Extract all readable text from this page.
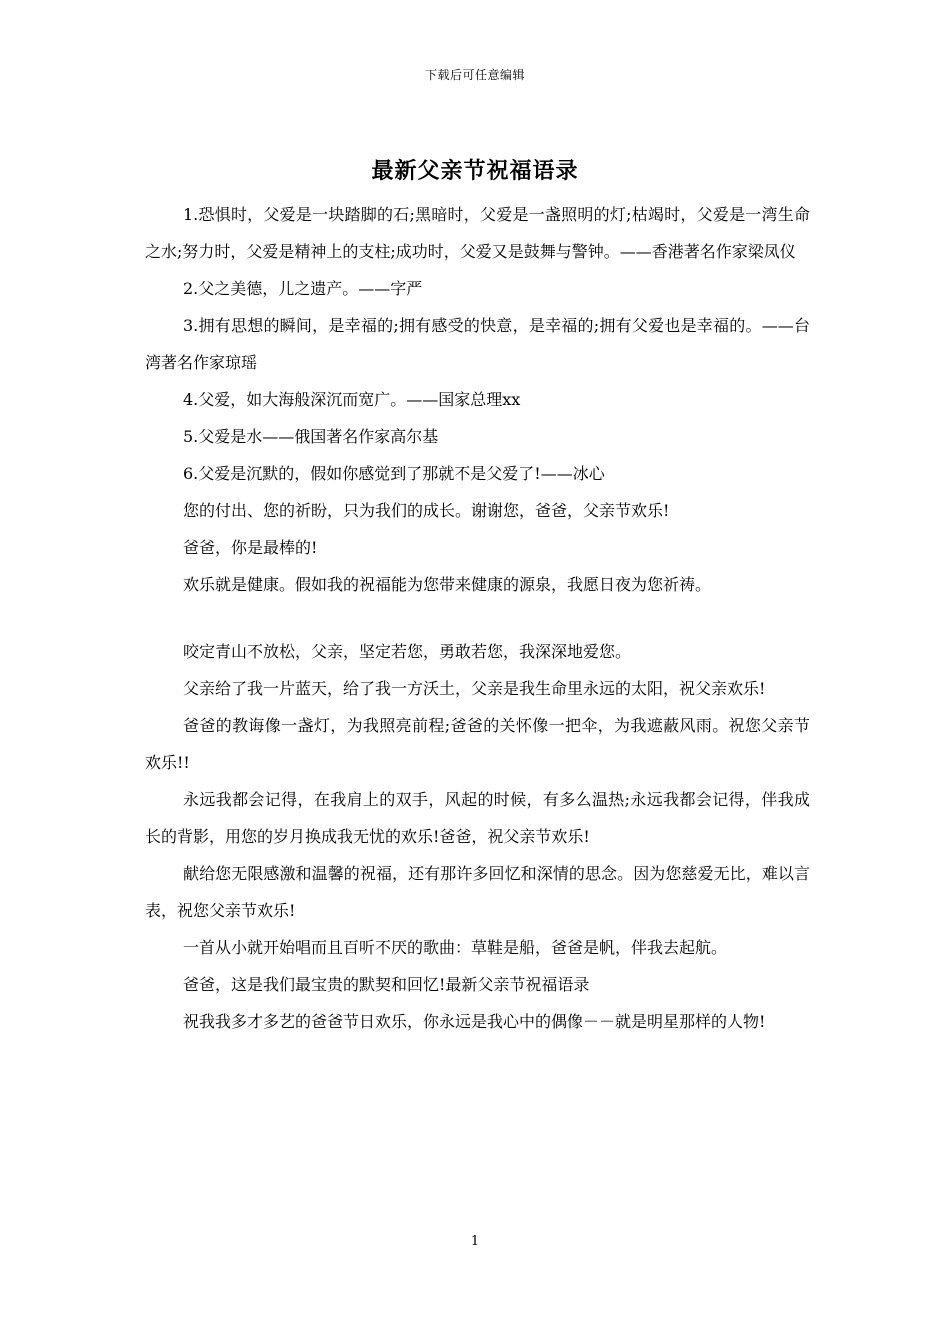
下载后可任意编辑
最新父亲节祝福语录

1.恐惧时，父爱是一块踏脚的石;黑暗时，父爱是一盏照明的灯;枯竭时，父爱是一湾生命之水;努力时，父爱是精神上的支柱;成功时，父爱又是鼓舞与警钟。——香港著名作家梁凤仪

2.父之美德，儿之遗产。——字严

3.拥有思想的瞬间，是幸福的;拥有感受的快意，是幸福的;拥有父爱也是幸福的。——台湾著名作家琼瑶

4.父爱，如大海般深沉而宽广。——国家总理xx

5.父爱是水——俄国著名作家高尔基

6.父爱是沉默的，假如你感觉到了那就不是父爱了!——冰心

您的付出、您的祈盼，只为我们的成长。谢谢您，爸爸，父亲节欢乐!

爸爸，你是最棒的!

欢乐就是健康。假如我的祝福能为您带来健康的源泉，我愿日夜为您祈祷。

咬定青山不放松，父亲，坚定若您，勇敢若您，我深深地爱您。

父亲给了我一片蓝天，给了我一方沃土，父亲是我生命里永远的太阳，祝父亲欢乐!

爸爸的教诲像一盏灯，为我照亮前程;爸爸的关怀像一把伞，为我遮蔽风雨。祝您父亲节欢乐!!

永远我都会记得，在我肩上的双手，风起的时候，有多么温热;永远我都会记得，伴我成长的背影，用您的岁月换成我无忧的欢乐!爸爸，祝父亲节欢乐!

献给您无限感激和温馨的祝福，还有那许多回忆和深情的思念。因为您慈爱无比，难以言表，祝您父亲节欢乐!

一首从小就开始唱而且百听不厌的歌曲：草鞋是船，爸爸是帆，伴我去起航。

爸爸，这是我们最宝贵的默契和回忆!最新父亲节祝福语录

祝我我多才多艺的爸爸节日欢乐，你永远是我心中的偶像－－就是明星那样的人物!

1
